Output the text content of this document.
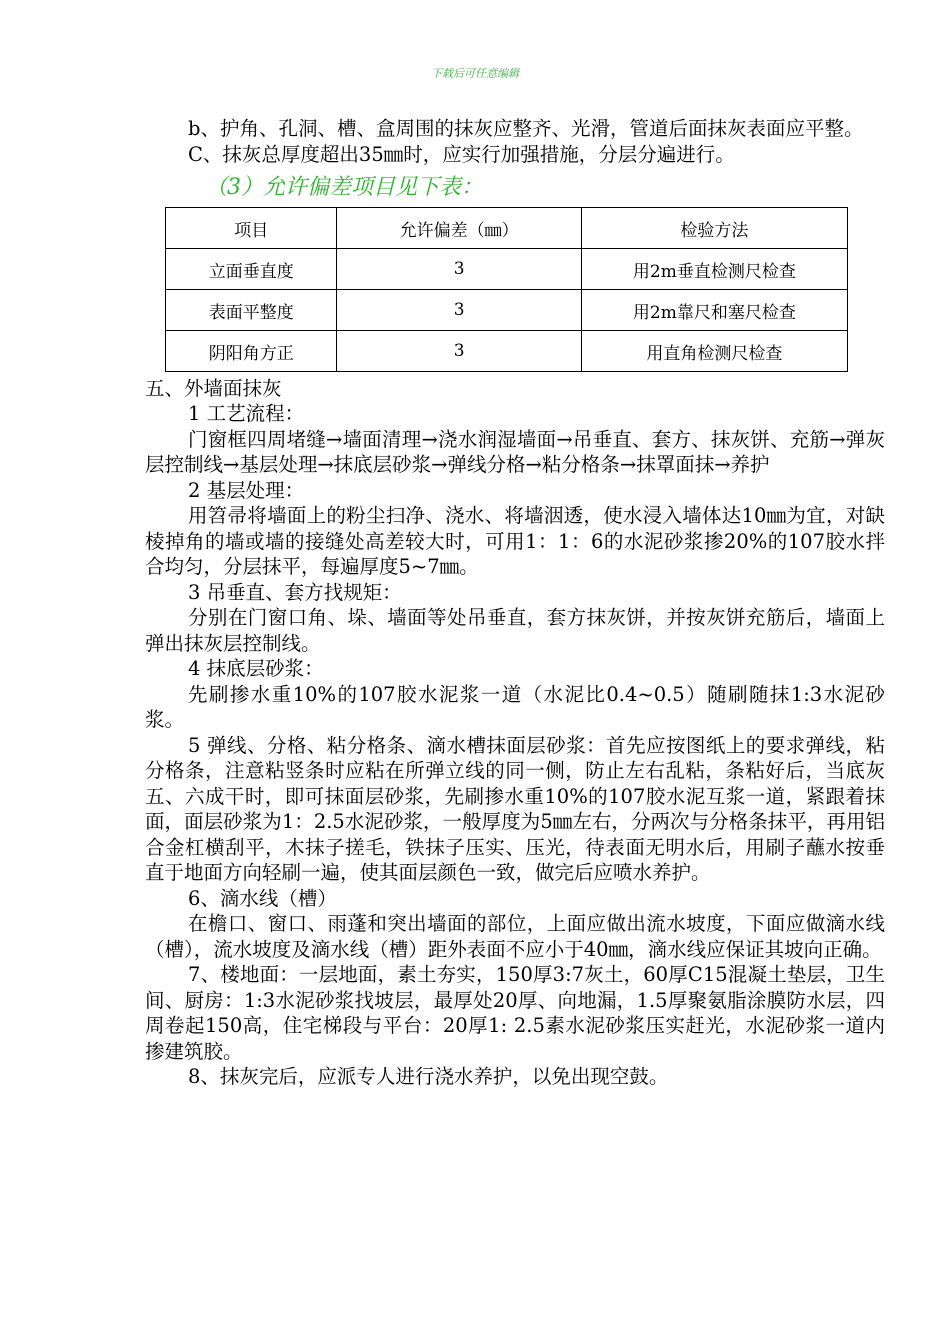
下载后可任意编辑

b、护角、孔洞、槽、盒周围的抹灰应整齐、光滑，管道后面抹灰表面应平整。

C、抹灰总厚度超出35㎜时，应实行加强措施，分层分遍进行。

（3）允许偏差项目见下表：
项目	允许偏差（㎜）	检验方法
立面垂直度	3	用2m垂直检测尺检查
表面平整度	3	用2m靠尺和塞尺检查
阴阳角方正	3	用直角检测尺检查

五、外墙面抹灰

1 工艺流程：

门窗框四周堵缝→墙面清理→浇水润湿墙面→吊垂直、套方、抹灰饼、充筋→弹灰层控制线→基层处理→抹底层砂浆→弹线分格→粘分格条→抹罩面抹→养护

2 基层处理：

用笤帚将墙面上的粉尘扫净、浇水、将墙洇透，使水浸入墙体达10㎜为宜，对缺棱掉角的墙或墙的接缝处高差较大时，可用1：1：6的水泥砂浆掺20%的107胶水拌合均匀，分层抹平，每遍厚度5~7㎜。

3 吊垂直、套方找规矩：

分别在门窗口角、垛、墙面等处吊垂直，套方抹灰饼，并按灰饼充筋后，墙面上弹出抹灰层控制线。

4 抹底层砂浆：

先刷掺水重10%的107胶水泥浆一道（水泥比0.4~0.5）随刷随抹1:3水泥砂浆。

5 弹线、分格、粘分格条、滴水槽抹面层砂浆：首先应按图纸上的要求弹线，粘分格条，注意粘竖条时应粘在所弹立线的同一侧，防止左右乱粘，条粘好后，当底灰五、六成干时，即可抹面层砂浆，先刷掺水重10%的107胶水泥互浆一道，紧跟着抹面，面层砂浆为1：2.5水泥砂浆，一般厚度为5㎜左右，分两次与分格条抹平，再用铝合金杠横刮平，木抹子搓毛，铁抹子压实、压光，待表面无明水后，用刷子蘸水按垂直于地面方向轻刷一遍，使其面层颜色一致，做完后应喷水养护。

6、滴水线（槽）

在檐口、窗口、雨蓬和突出墙面的部位，上面应做出流水坡度，下面应做滴水线（槽），流水坡度及滴水线（槽）距外表面不应小于40㎜，滴水线应保证其坡向正确。

7、楼地面：一层地面，素土夯实，150厚3:7灰土，60厚C15混凝土垫层，卫生间、厨房：1:3水泥砂浆找坡层，最厚处20厚、向地漏，1.5厚聚氨脂涂膜防水层，四周卷起150高，住宅梯段与平台：20厚1: 2.5素水泥砂浆压实赶光，水泥砂浆一道内掺建筑胶。

8、抹灰完后，应派专人进行浇水养护，以免出现空鼓。
